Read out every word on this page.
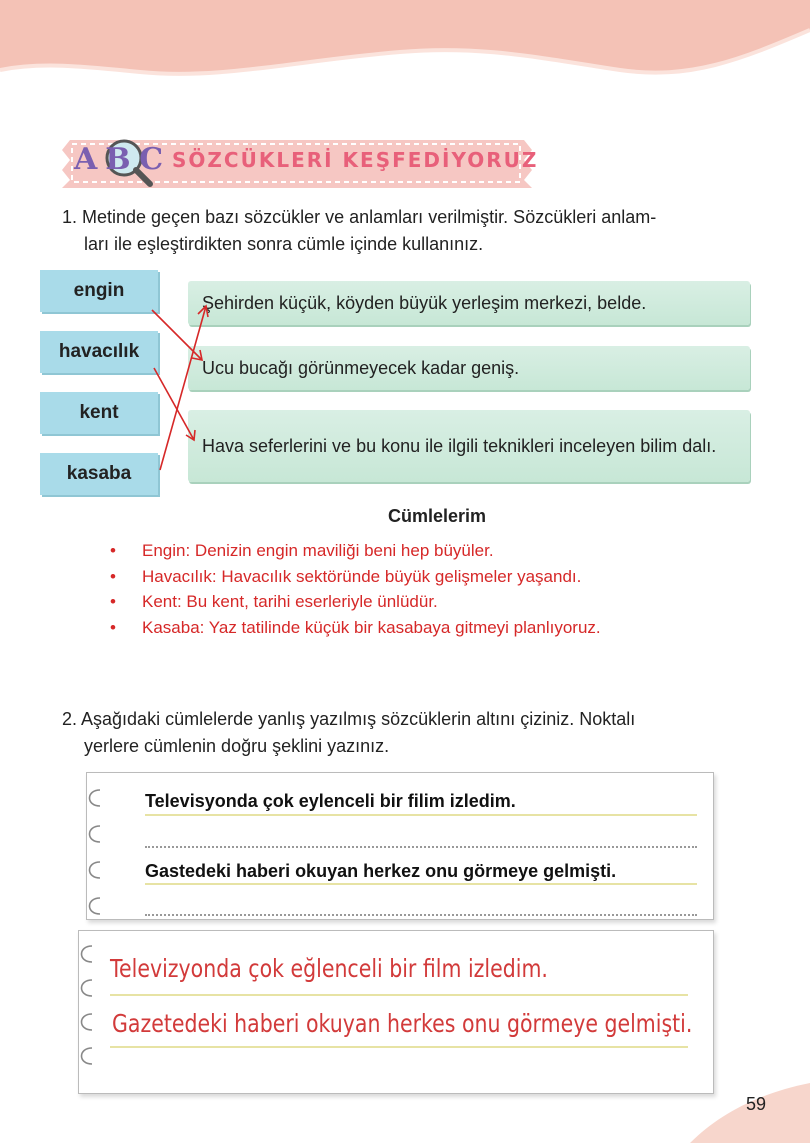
ABC SÖZCÜKLERİ KEŞFEDİYORUZ
1. Metinde geçen bazı sözcükler ve anlamları verilmiştir. Sözcükleri anlam-
ları ile eşleştirdikten sonra cümle içinde kullanınız.
engin
havacılık
kent
kasaba
Şehirden küçük, köyden büyük yerleşim merkezi, belde.
Ucu bucağı görünmeyecek kadar geniş.
Hava seferlerini ve bu konu ile ilgili teknikleri inceleyen bilim dalı.
Cümlelerim
• Engin: Denizin engin maviliği beni hep büyüler.
• Havacılık: Havacılık sektöründe büyük gelişmeler yaşandı.
• Kent: Bu kent, tarihi eserleriyle ünlüdür.
• Kasaba: Yaz tatilinde küçük bir kasabaya gitmeyi planlıyoruz.
2. Aşağıdaki cümlelerde yanlış yazılmış sözcüklerin altını çiziniz. Noktalı
yerlere cümlenin doğru şeklini yazınız.
Televisyonda çok eylenceli bir filim izledim.
Gastedeki haberi okuyan herkez onu görmeye gelmişti.
Televizyonda çok eğlenceli bir film izledim.
Gazetedeki haberi okuyan herkes onu görmeye gelmişti.
59
